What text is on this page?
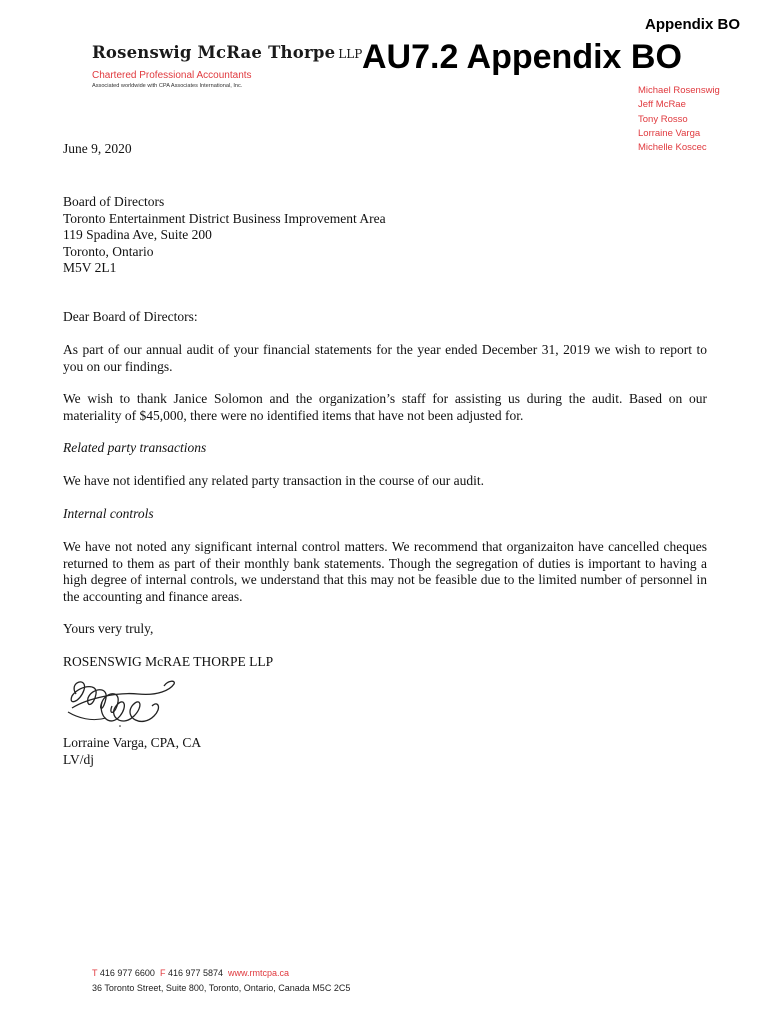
Appendix BO
Rosenswig McRae Thorpe LLP
Chartered Professional Accountants
Associated worldwide with CPA Associates International, Inc.
AU7.2 Appendix BO
Michael Rosenswig
Jeff McRae
Tony Rosso
Lorraine Varga
Michelle Koscec
June 9, 2020
Board of Directors
Toronto Entertainment District Business Improvement Area
119 Spadina Ave, Suite 200
Toronto, Ontario
M5V 2L1
Dear Board of Directors:
As part of our annual audit of your financial statements for the year ended December 31, 2019 we wish to report to you on our findings.
We wish to thank Janice Solomon and the organization’s staff for assisting us during the audit. Based on our materiality of $45,000, there were no identified items that have not been adjusted for.
Related party transactions
We have not identified any related party transaction in the course of our audit.
Internal controls
We have not noted any significant internal control matters. We recommend that organizaiton have cancelled cheques returned to them as part of their monthly bank statements. Though the segregation of duties is important to having a high degree of internal controls, we understand that this may not be feasible due to the limited number of personnel in the accounting and finance areas.
Yours very truly,
ROSENSWIG McRAE THORPE LLP
Lorraine Varga, CPA, CA
LV/dj
T 416 977 6600 F 416 977 5874 www.rmtcpa.ca
36 Toronto Street, Suite 800, Toronto, Ontario, Canada M5C 2C5
